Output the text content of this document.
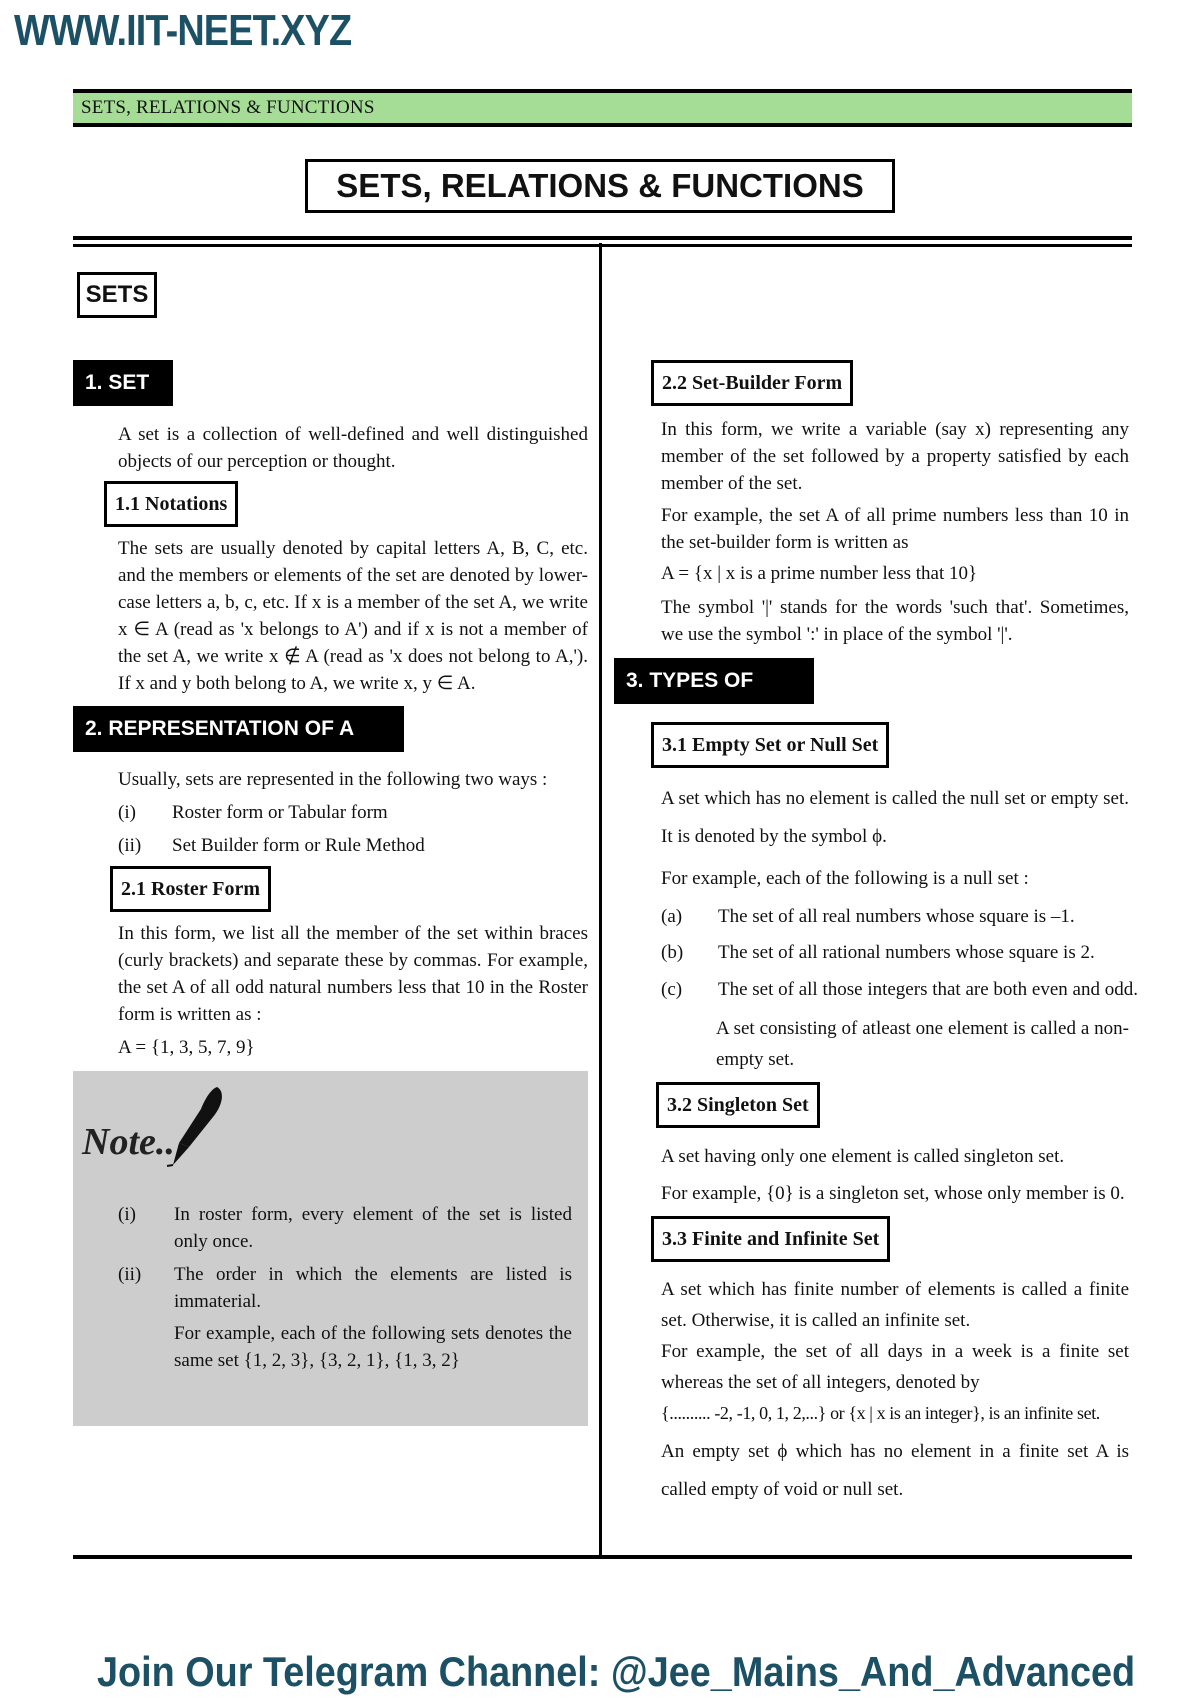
WWW.IIT-NEET.XYZ
SETS, RELATIONS & FUNCTIONS
SETS, RELATIONS & FUNCTIONS
SETS
1. SET
A set is a collection of well-defined and well distinguished objects of our perception or thought.
1.1 Notations
The sets are usually denoted by capital letters A, B, C, etc. and the members or elements of the set are denoted by lower-case letters a, b, c, etc. If x is a member of the set A, we write x ∈ A (read as 'x belongs to A') and if x is not a member of the set A, we write x ∉ A (read as 'x does not belong to A,'). If x and y both belong to A, we write x, y ∈ A.
2. REPRESENTATION OF A SET
Usually, sets are represented in the following two ways :
(i) Roster form or Tabular form
(ii) Set Builder form or Rule Method
2.1 Roster Form
In this form, we list all the member of the set within braces (curly brackets) and separate these by commas. For example, the set A of all odd natural numbers less that 10 in the Roster form is written as :
A = {1, 3, 5, 7, 9}
Note..
(i) In roster form, every element of the set is listed only once.
(ii) The order in which the elements are listed is immaterial.
For example, each of the following sets denotes the same set {1, 2, 3}, {3, 2, 1}, {1, 3, 2}
2.2 Set-Builder Form
In this form, we write a variable (say x) representing any member of the set followed by a property satisfied by each member of the set.
For example, the set A of all prime numbers less than 10 in the set-builder form is written as
A = {x | x is a prime number less that 10}
The symbol '|' stands for the words 'such that'. Sometimes, we use the symbol ':' in place of the symbol '|'.
3. TYPES OF SETS
3.1 Empty Set or Null Set
A set which has no element is called the null set or empty set. It is denoted by the symbol ϕ.
For example, each of the following is a null set :
(a) The set of all real numbers whose square is –1.
(b) The set of all rational numbers whose square is 2.
(c) The set of all those integers that are both even and odd.
A set consisting of atleast one element is called a non-empty set.
3.2 Singleton Set
A set having only one element is called singleton set.
For example, {0} is a singleton set, whose only member is 0.
3.3 Finite and Infinite Set
A set which has finite number of elements is called a finite set. Otherwise, it is called an infinite set.
For example, the set of all days in a week is a finite set whereas the set of all integers, denoted by
{.......... -2, -1, 0, 1, 2,...} or {x | x is an integer}, is an infinite set.
An empty set ϕ which has no element in a finite set A is called empty of void or null set.
Join Our Telegram Channel: @Jee_Mains_And_Advanced
